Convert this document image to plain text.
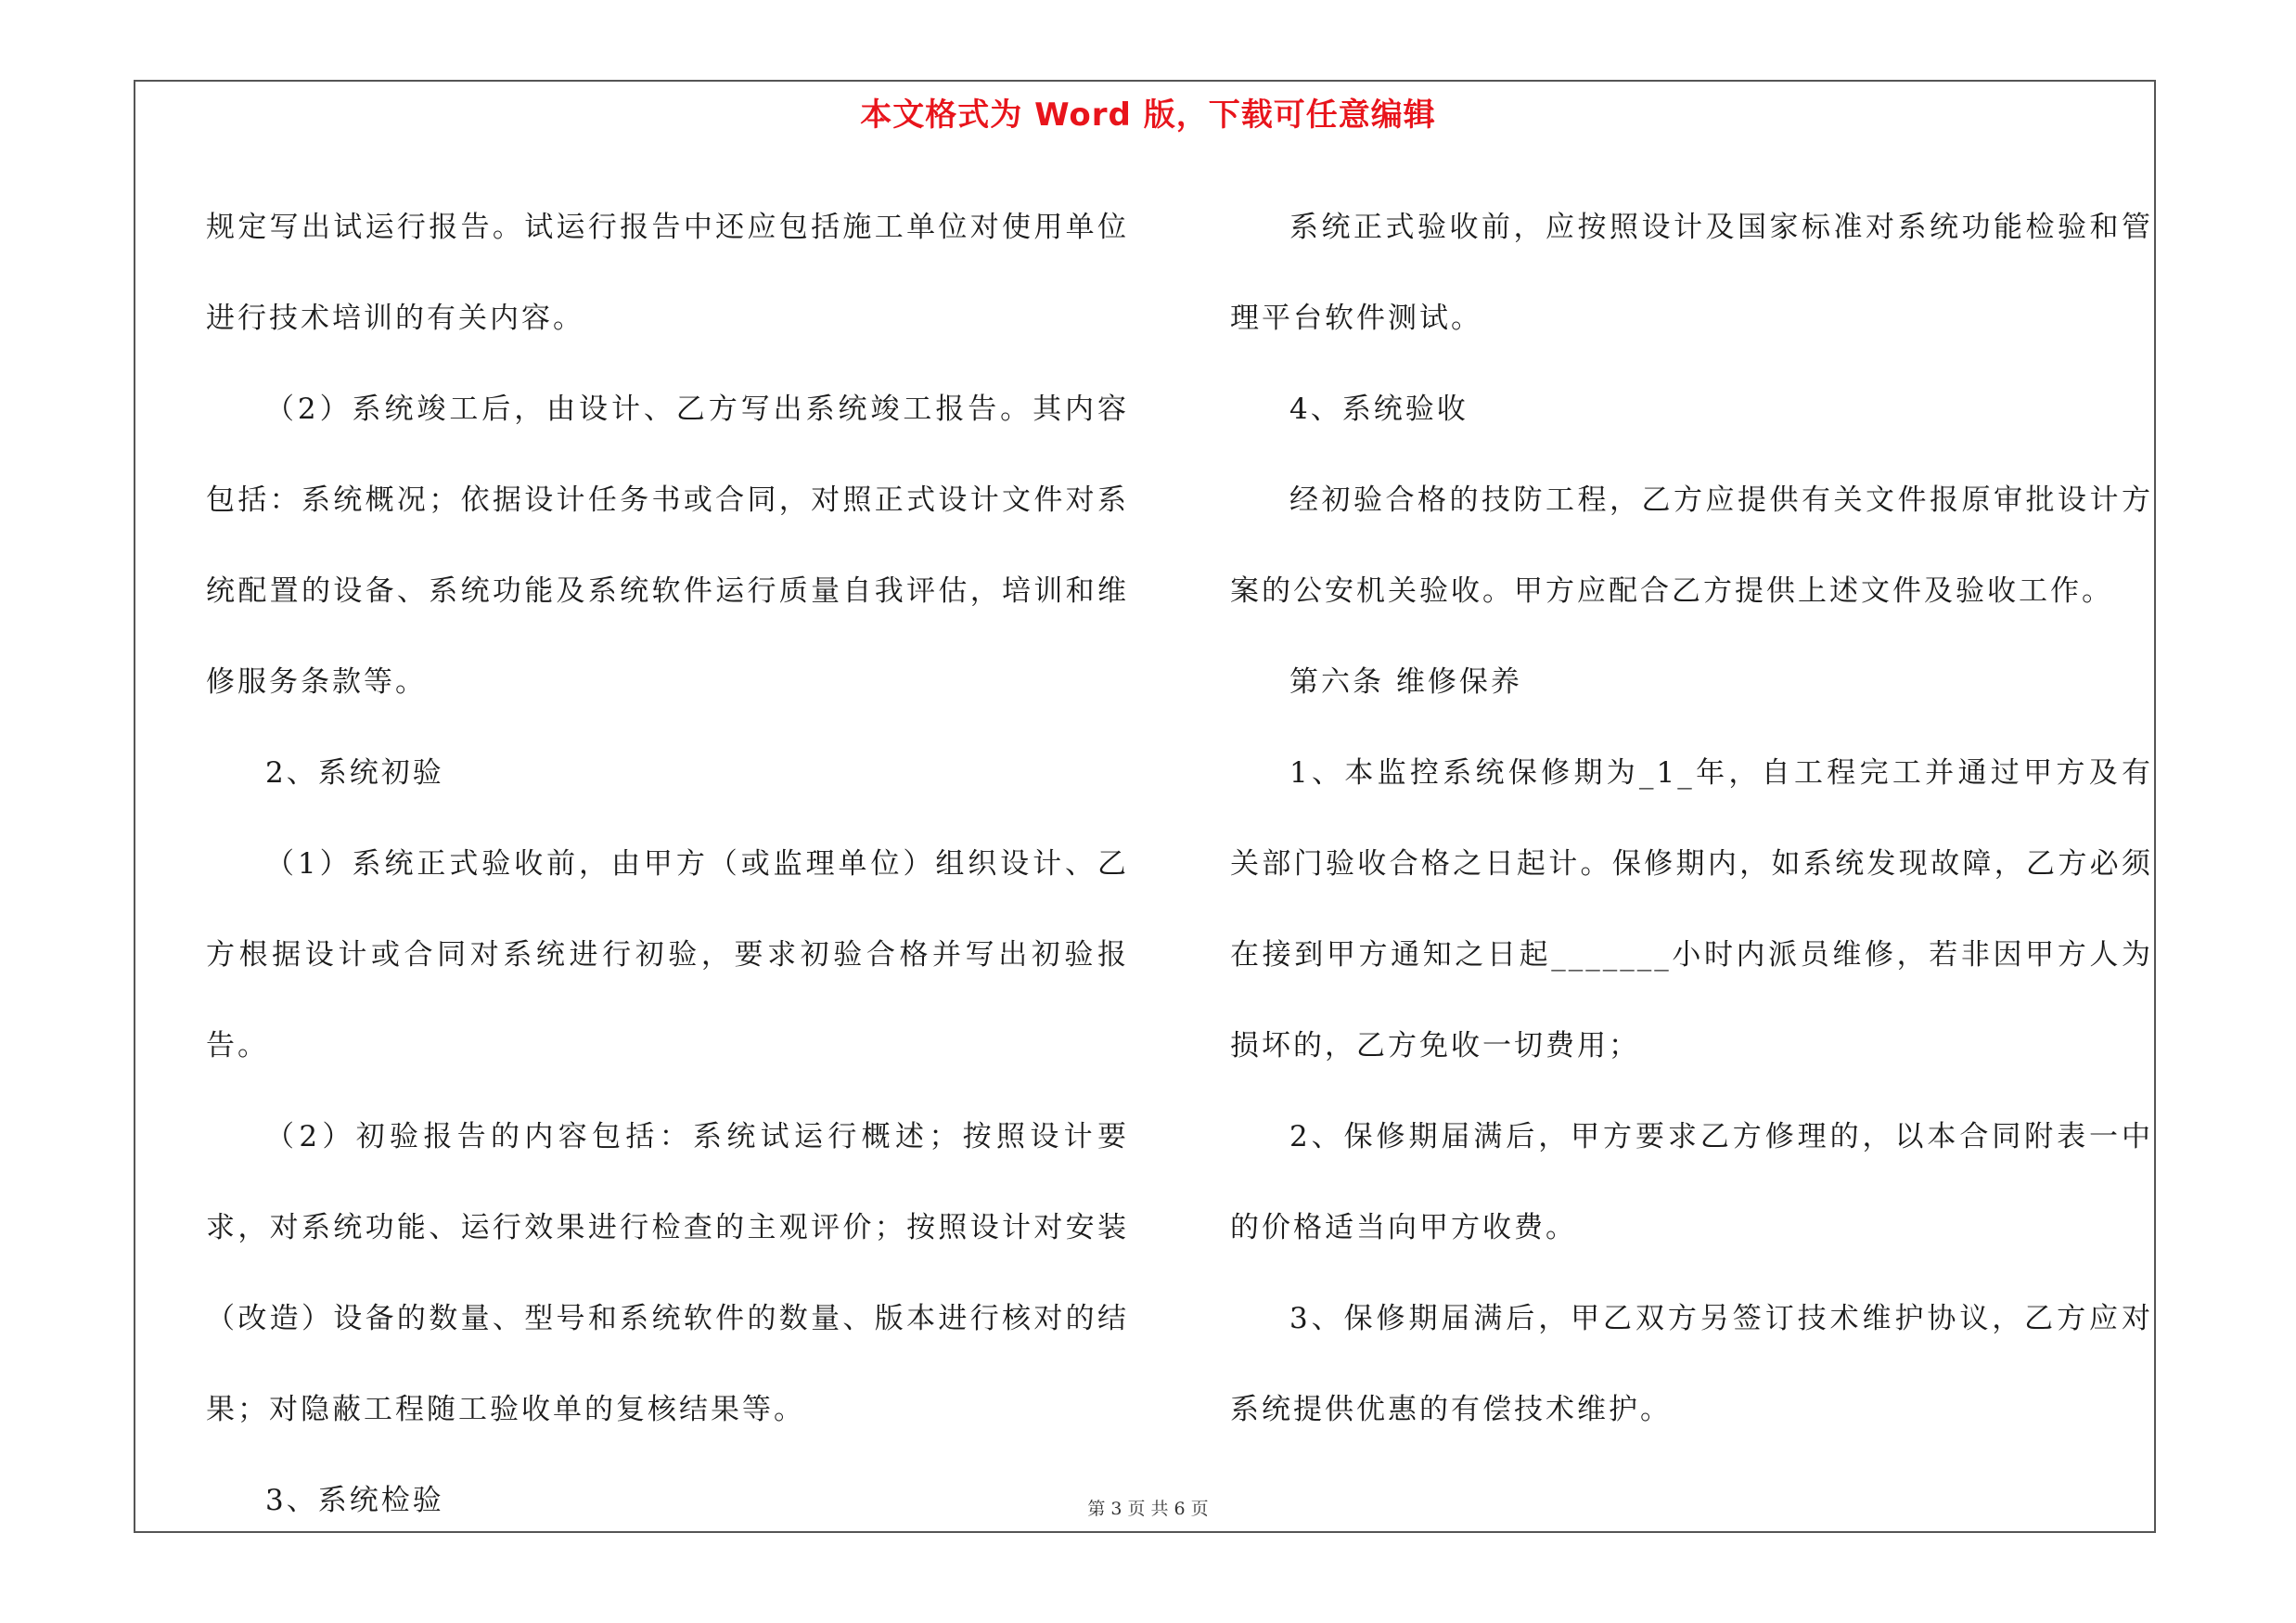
本文格式为 Word 版，下载可任意编辑

规定写出试运行报告。试运行报告中还应包括施工单位对使用单位进行技术培训的有关内容。

（2）系统竣工后，由设计、乙方写出系统竣工报告。其内容包括：系统概况；依据设计任务书或合同，对照正式设计文件对系统配置的设备、系统功能及系统软件运行质量自我评估，培训和维修服务条款等。

2、系统初验

（1）系统正式验收前，由甲方（或监理单位）组织设计、乙方根据设计或合同对系统进行初验，要求初验合格并写出初验报告。

（2）初验报告的内容包括：系统试运行概述；按照设计要求，对系统功能、运行效果进行检查的主观评价；按照设计对安装（改造）设备的数量、型号和系统软件的数量、版本进行核对的结果；对隐蔽工程随工验收单的复核结果等。

3、系统检验

系统正式验收前，应按照设计及国家标准对系统功能检验和管理平台软件测试。

4、系统验收

经初验合格的技防工程，乙方应提供有关文件报原审批设计方案的公安机关验收。甲方应配合乙方提供上述文件及验收工作。

第六条 维修保养

1、本监控系统保修期为_1_年，自工程完工并通过甲方及有关部门验收合格之日起计。保修期内，如系统发现故障，乙方必须在接到甲方通知之日起_______小时内派员维修，若非因甲方人为损坏的，乙方免收一切费用；

2、保修期届满后，甲方要求乙方修理的，以本合同附表一中的价格适当向甲方收费。

3、保修期届满后，甲乙双方另签订技术维护协议，乙方应对系统提供优惠的有偿技术维护。

第 3 页 共 6 页
